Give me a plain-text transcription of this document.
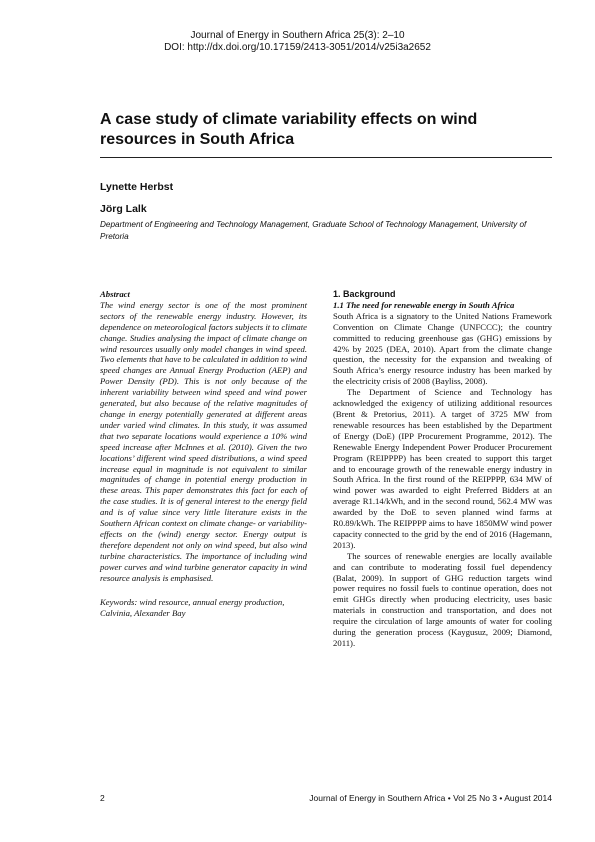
Journal of Energy in Southern Africa 25(3): 2–10
DOI: http://dx.doi.org/10.17159/2413-3051/2014/v25i3a2652
A case study of climate variability effects on wind resources in South Africa
Lynette Herbst
Jörg Lalk
Department of Engineering and Technology Management, Graduate School of Technology Management, University of Pretoria
Abstract

The wind energy sector is one of the most prominent sectors of the renewable energy industry. However, its dependence on meteorological factors subjects it to climate change. Studies analysing the impact of climate change on wind resources usually only model changes in wind speed. Two elements that have to be calculated in addition to wind speed changes are Annual Energy Production (AEP) and Power Density (PD). This is not only because of the inherent variability between wind speed and wind power generated, but also because of the relative magnitudes of change in energy potentially generated at different areas under varied wind climates. In this study, it was assumed that two separate locations would experience a 10% wind speed increase after McInnes et al. (2010). Given the two locations’ different wind speed distributions, a wind speed increase equal in magnitude is not equivalent to similar magnitudes of change in potential energy production in these areas. This paper demonstrates this fact for each of the case studies. It is of general interest to the energy field and is of value since very little literature exists in the Southern African context on climate change- or variability-effects on the (wind) energy sector. Energy output is therefore dependent not only on wind speed, but also wind turbine characteristics. The importance of including wind power curves and wind turbine generator capacity in wind resource analysis is emphasised.

Keywords: wind resource, annual energy production, Calvinia, Alexander Bay

1. Background

1.1 The need for renewable energy in South Africa

South Africa is a signatory to the United Nations Framework Convention on Climate Change (UNFCCC); the country committed to reducing greenhouse gas (GHG) emissions by 42% by 2025 (DEA, 2010). Apart from the climate change question, the necessity for the expansion and tweaking of South Africa’s energy resource industry has been marked by the electricity crisis of 2008 (Bayliss, 2008).

The Department of Science and Technology has acknowledged the exigency of utilizing additional resources (Brent & Pretorius, 2011). A target of 3725 MW from renewable resources has been established by the Department of Energy (DoE) (IPP Procurement Programme, 2012). The Renewable Energy Independent Power Producer Procurement Program (REIPPPP) has been created to support this target and to encourage growth of the renewable energy industry in South Africa. In the first round of the REIPPPP, 634 MW of wind power was awarded to eight Preferred Bidders at an average R1.14/kWh, and in the second round, 562.4 MW was awarded by the DoE to seven planned wind farms at R0.89/kWh. The REIPPPP aims to have 1850MW wind power capacity connected to the grid by the end of 2016 (Hagemann, 2013).

The sources of renewable energies are locally available and can contribute to moderating fossil fuel dependency (Balat, 2009). In support of GHG reduction targets wind power requires no fossil fuels to continue operation, does not emit GHGs directly when producing electricity, uses basic materials in construction and transportation, and does not require the circulation of large amounts of water for cooling during the generation process (Kaygusuz, 2009; Diamond, 2011).

2	Journal of Energy in Southern Africa • Vol 25 No 3 • August 2014
